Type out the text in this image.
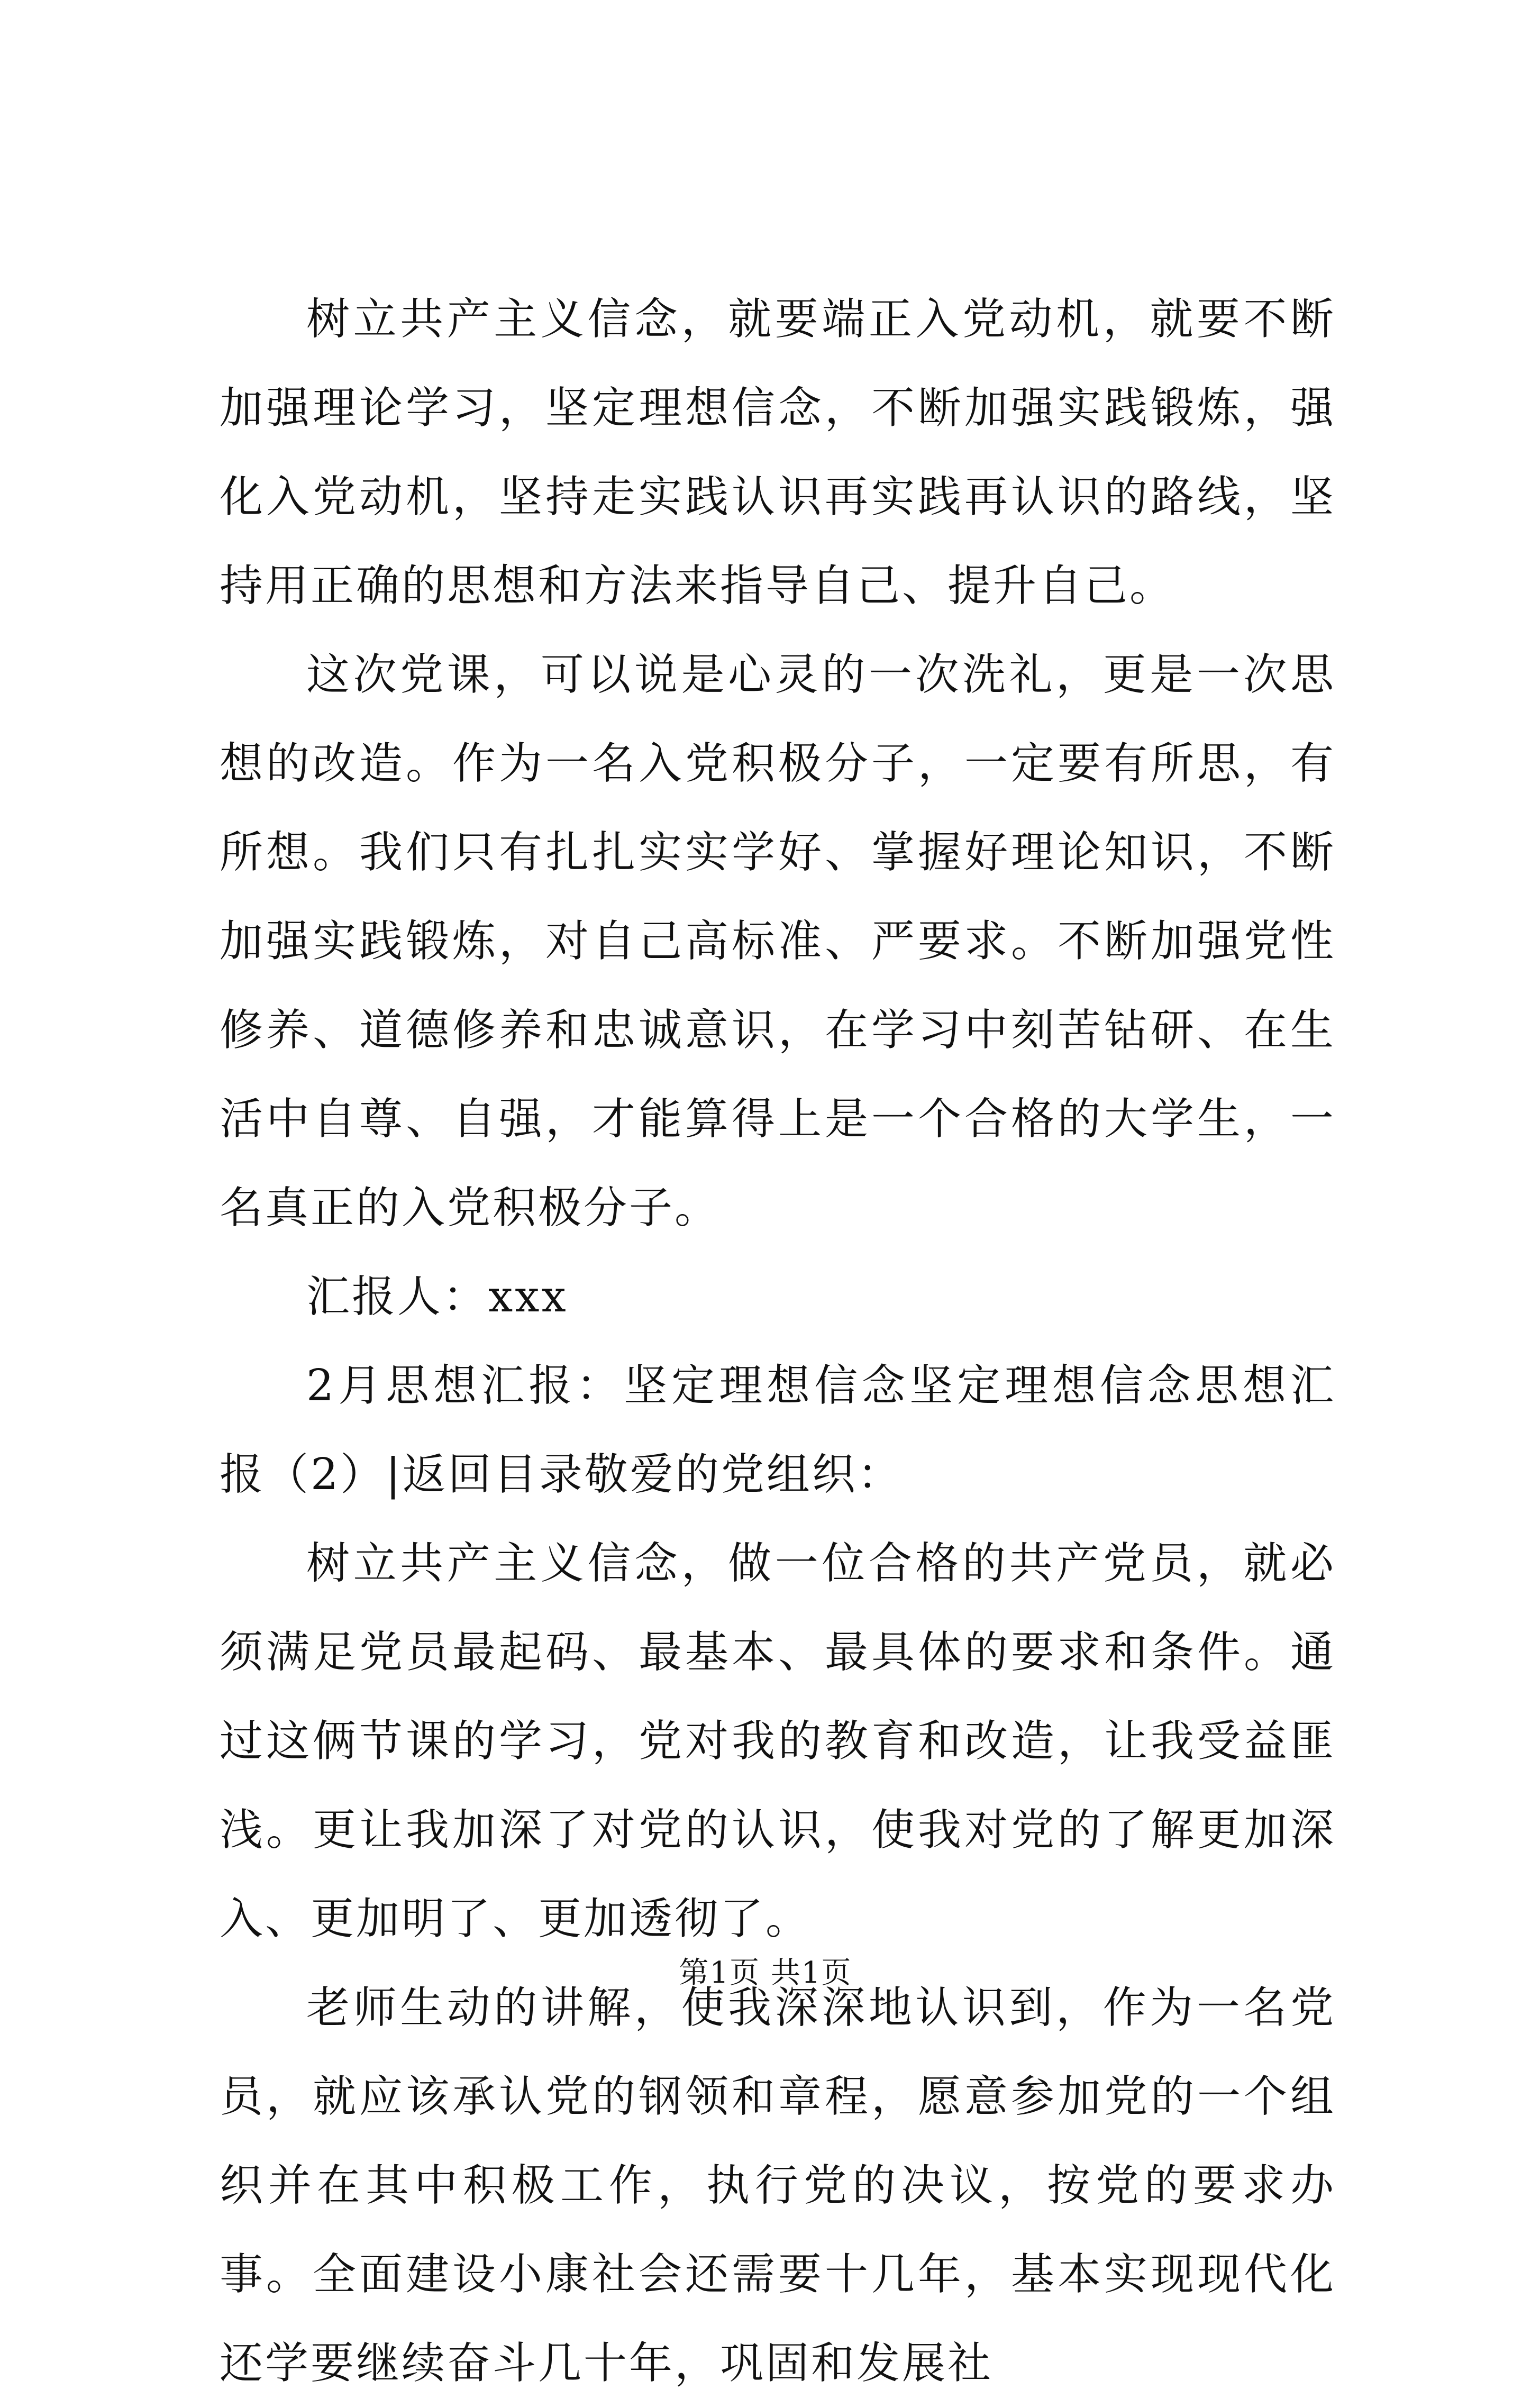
树立共产主义信念，就要端正入党动机，就要不断加强理论学习，坚定理想信念，不断加强实践锻炼，强化入党动机，坚持走实践认识再实践再认识的路线，坚持用正确的思想和方法来指导自己、提升自己。

这次党课，可以说是心灵的一次洗礼，更是一次思想的改造。作为一名入党积极分子，一定要有所思，有所想。我们只有扎扎实实学好、掌握好理论知识，不断加强实践锻炼，对自己高标准、严要求。不断加强党性修养、道德修养和忠诚意识，在学习中刻苦钻研、在生活中自尊、自强，才能算得上是一个合格的大学生，一名真正的入党积极分子。

汇报人：xxx

2月思想汇报：坚定理想信念坚定理想信念思想汇报（2）|返回目录敬爱的党组织：

树立共产主义信念，做一位合格的共产党员，就必须满足党员最起码、最基本、最具体的要求和条件。通过这俩节课的学习，党对我的教育和改造，让我受益匪浅。更让我加深了对党的认识，使我对党的了解更加深入、更加明了、更加透彻了。

老师生动的讲解，使我深深地认识到，作为一名党员，就应该承认党的钢领和章程，愿意参加党的一个组织并在其中积极工作，执行党的决议，按党的要求办事。全面建设小康社会还需要十几年，基本实现现代化还学要继续奋斗几十年，巩固和发展社

第1页 共1页
